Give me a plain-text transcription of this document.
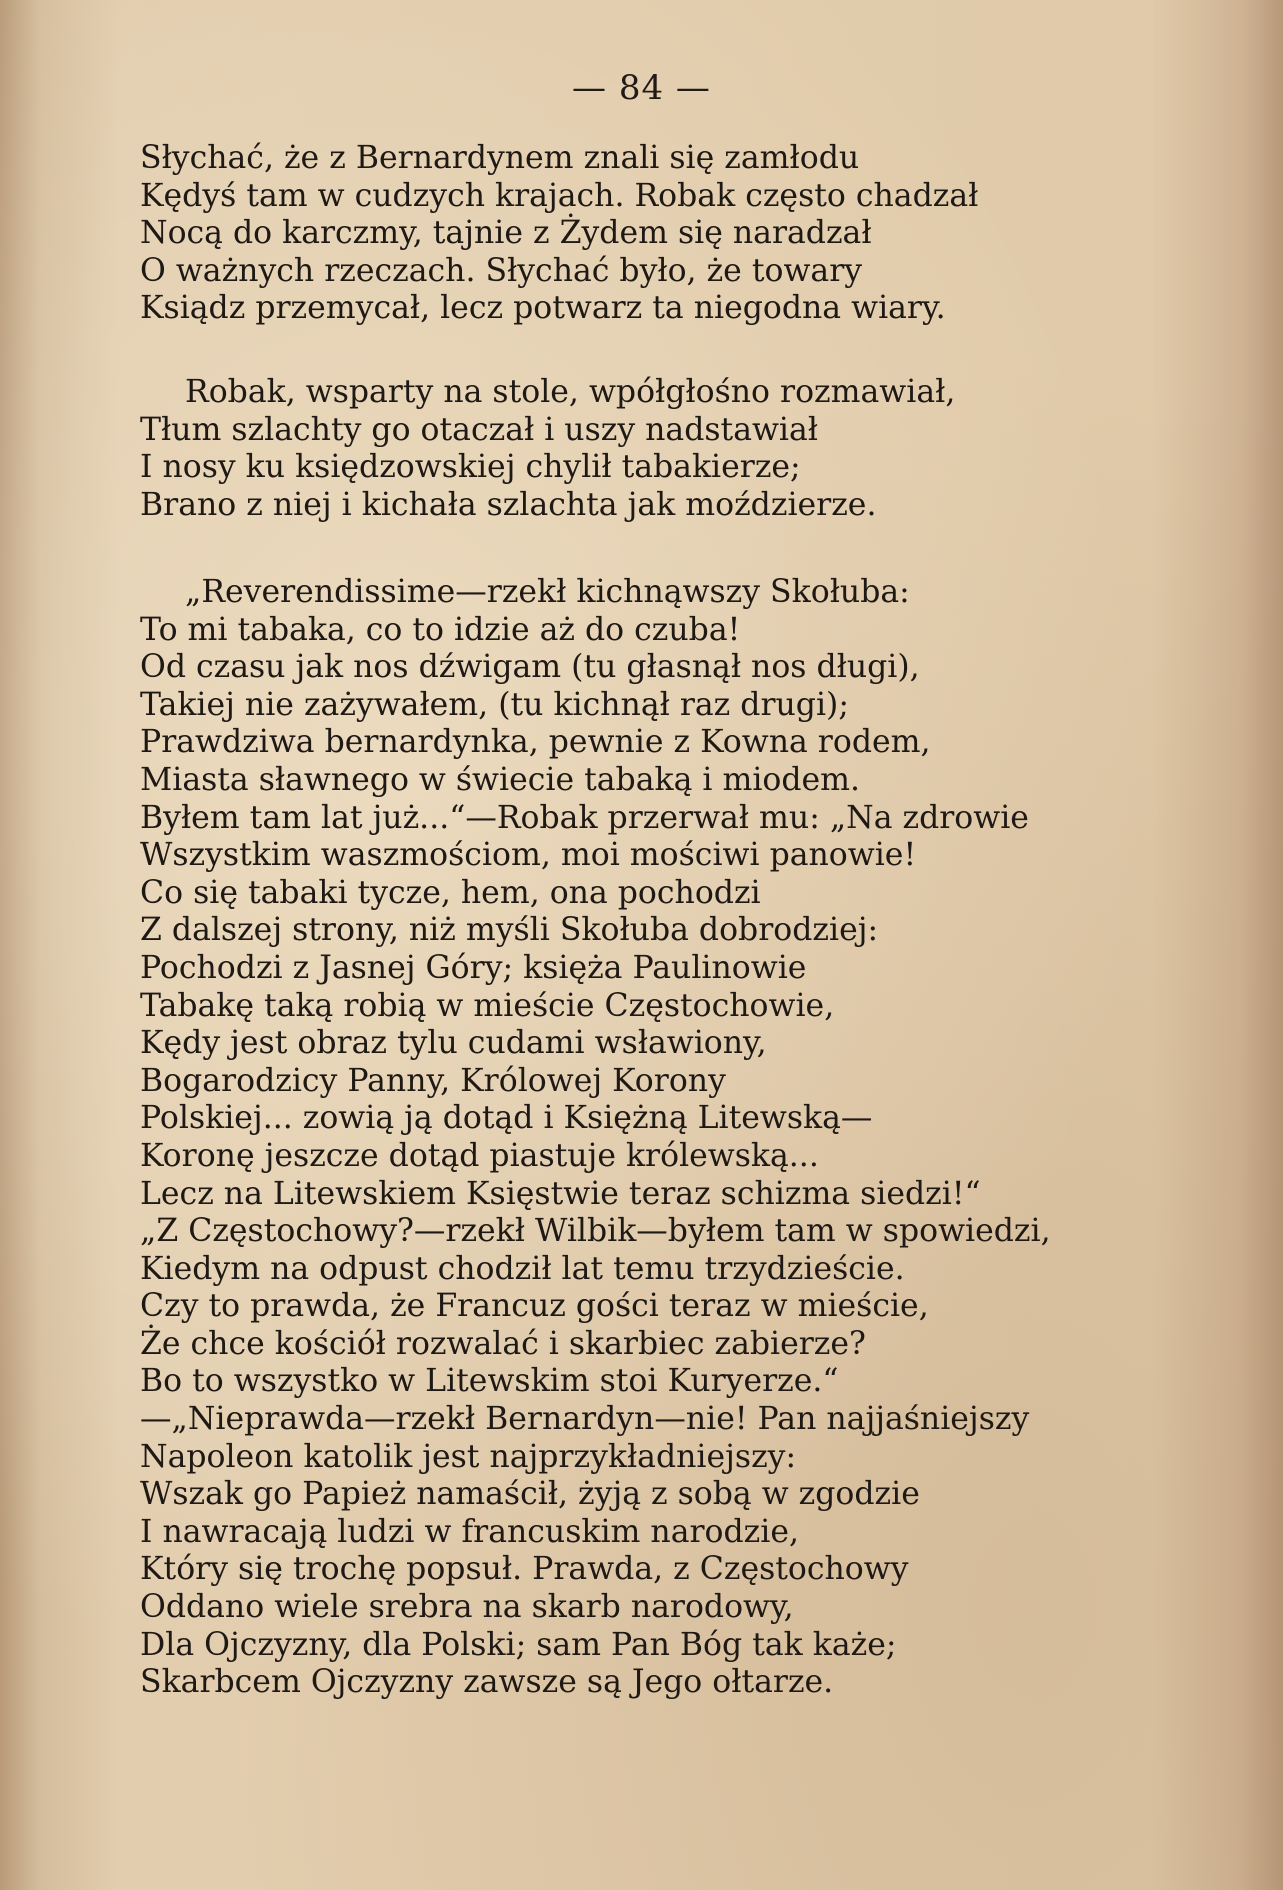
— 84 —
Słychać, że z Bernardynem znali się zamłodu
Kędyś tam w cudzych krajach. Robak często chadzał
Nocą do karczmy, tajnie z Żydem się naradzał
O ważnych rzeczach. Słychać było, że towary
Ksiądz przemycał, lecz potwarz ta niegodna wiary.
Robak, wsparty na stole, wpółgłośno rozmawiał,
Tłum szlachty go otaczał i uszy nadstawiał
I nosy ku księdzowskiej chylił tabakierze;
Brano z niej i kichała szlachta jak moździerze.
„Reverendissime—rzekł kichnąwszy Skołuba:
To mi tabaka, co to idzie aż do czuba!
Od czasu jak nos dźwigam (tu głasnął nos długi),
Takiej nie zażywałem, (tu kichnął raz drugi);
Prawdziwa bernardynka, pewnie z Kowna rodem,
Miasta sławnego w świecie tabaką i miodem.
Byłem tam lat już...“—Robak przerwał mu: „Na zdrowie
Wszystkim waszmościom, moi mościwi panowie!
Co się tabaki tycze, hem, ona pochodzi
Z dalszej strony, niż myśli Skołuba dobrodziej:
Pochodzi z Jasnej Góry; księża Paulinowie
Tabakę taką robią w mieście Częstochowie,
Kędy jest obraz tylu cudami wsławiony,
Bogarodzicy Panny, Królowej Korony
Polskiej... zowią ją dotąd i Księżną Litewską—
Koronę jeszcze dotąd piastuje królewską...
Lecz na Litewskiem Księstwie teraz schizma siedzi!“
„Z Częstochowy?—rzekł Wilbik—byłem tam w spowiedzi,
Kiedym na odpust chodził lat temu trzydzieście.
Czy to prawda, że Francuz gości teraz w mieście,
Że chce kościół rozwalać i skarbiec zabierze?
Bo to wszystko w Litewskim stoi Kuryerze.“
—„Nieprawda—rzekł Bernardyn—nie! Pan najjaśniejszy
Napoleon katolik jest najprzykładniejszy:
Wszak go Papież namaścił, żyją z sobą w zgodzie
I nawracają ludzi w francuskim narodzie,
Który się trochę popsuł. Prawda, z Częstochowy
Oddano wiele srebra na skarb narodowy,
Dla Ojczyzny, dla Polski; sam Pan Bóg tak każe;
Skarbcem Ojczyzny zawsze są Jego ołtarze.
